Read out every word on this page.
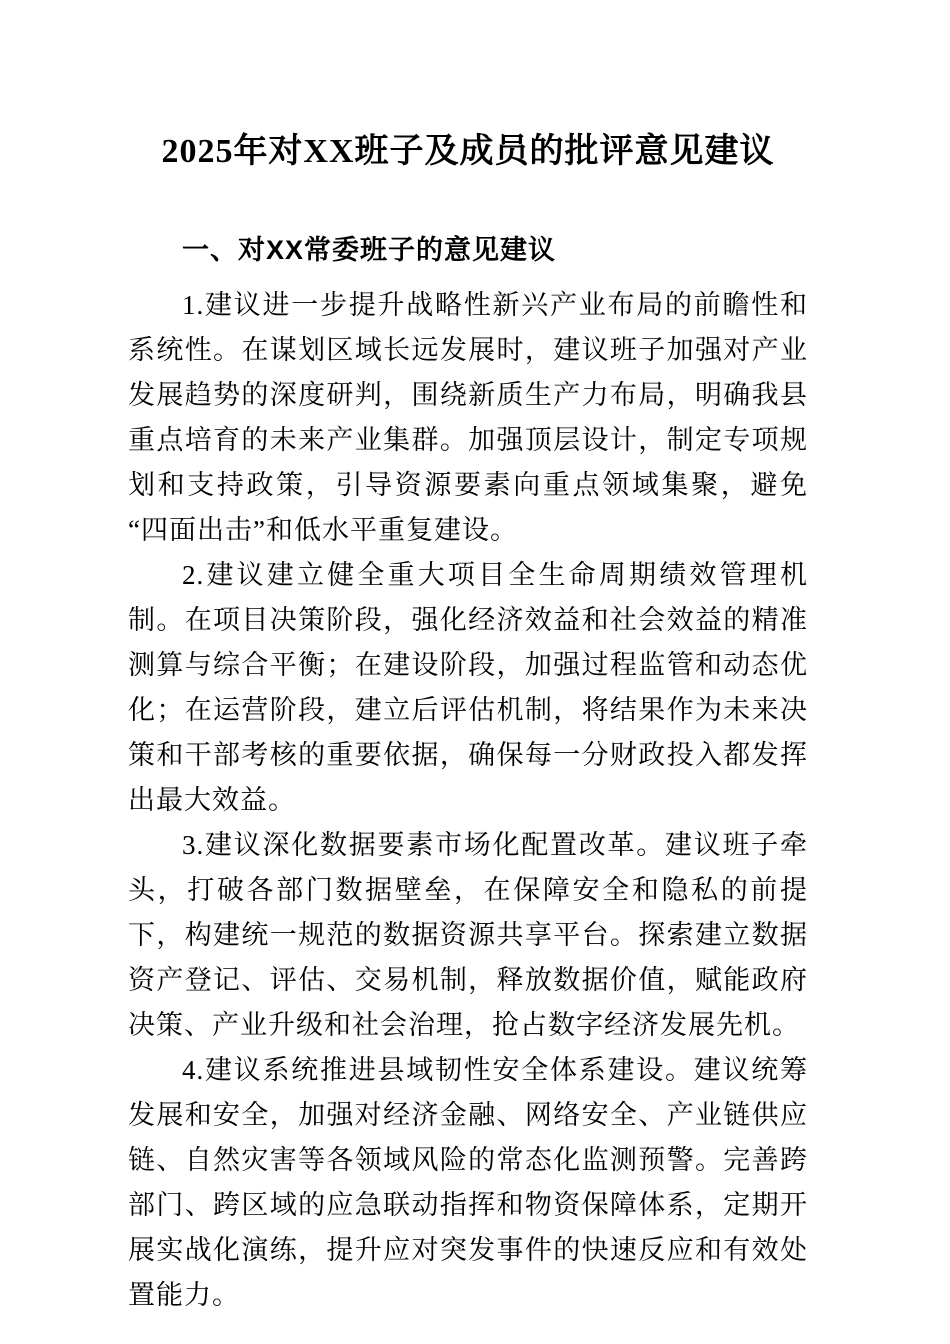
2025年对XX班子及成员的批评意见建议
一、对XX常委班子的意见建议

1.建议进一步提升战略性新兴产业布局的前瞻性和系统性。在谋划区域长远发展时，建议班子加强对产业发展趋势的深度研判，围绕新质生产力布局，明确我县重点培育的未来产业集群。加强顶层设计，制定专项规划和支持政策，引导资源要素向重点领域集聚，避免“四面出击”和低水平重复建设。

2.建议建立健全重大项目全生命周期绩效管理机制。在项目决策阶段，强化经济效益和社会效益的精准测算与综合平衡；在建设阶段，加强过程监管和动态优化；在运营阶段，建立后评估机制，将结果作为未来决策和干部考核的重要依据，确保每一分财政投入都发挥出最大效益。

3.建议深化数据要素市场化配置改革。建议班子牵头，打破各部门数据壁垒，在保障安全和隐私的前提下，构建统一规范的数据资源共享平台。探索建立数据资产登记、评估、交易机制，释放数据价值，赋能政府决策、产业升级和社会治理，抢占数字经济发展先机。

4.建议系统推进县域韧性安全体系建设。建议统筹发展和安全，加强对经济金融、网络安全、产业链供应链、自然灾害等各领域风险的常态化监测预警。完善跨部门、跨区域的应急联动指挥和物资保障体系，定期开展实战化演练，提升应对突发事件的快速反应和有效处置能力。
